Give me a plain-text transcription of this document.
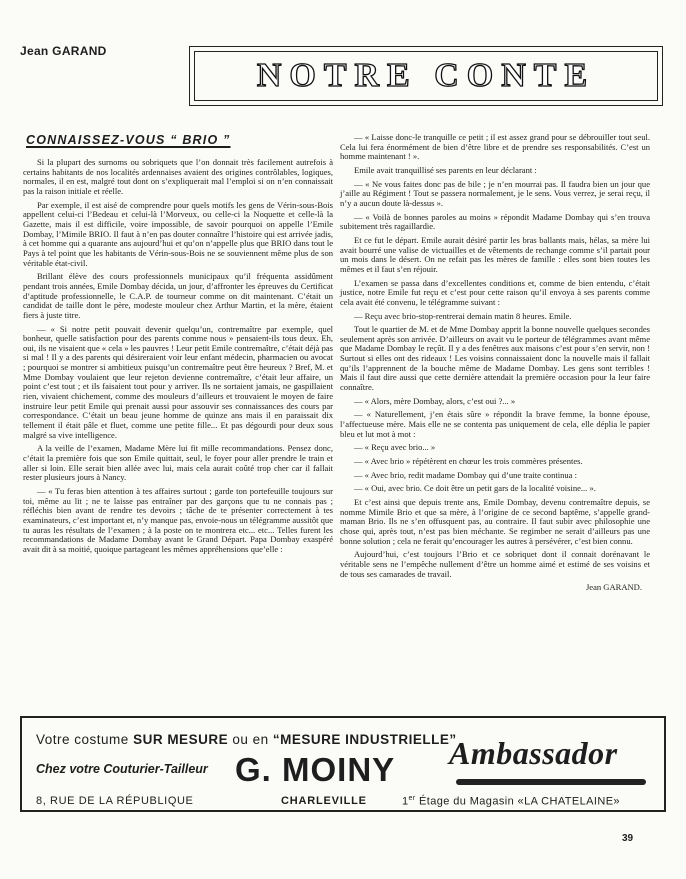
Jean GARAND
NOTRE CONTE
CONNAISSEZ-VOUS “ BRIO ”

Si la plupart des surnoms ou sobriquets que l’on donnait très facilement autrefois à certains habitants de nos localités ardennaises avaient des origines contrôlables, logiques, normales, il en est, malgré tout dont on s’expliquerait mal l’emploi si on n’en connaissait pas la raison initiale et réelle.

Par exemple, il est aisé de comprendre pour quels motifs les gens de Vérin-sous-Bois appellent celui-ci l’Bedeau et celui-là l’Morveux, ou celle-ci la Noquette et celle-là la Gazette, mais il est difficile, voire impossible, de savoir pourquoi on appelle l’Emile Dombay, l’Mimile BRIO. Il faut à n’en pas douter connaître l’histoire qui est arrivée jadis, à cet homme qui a quarante ans aujourd’hui et qu’on n’appelle plus que BRIO dans tout le Pays à tel point que les habitants de Vérin-sous-Bois ne se souviennent même plus de son véritable état-civil.

Brillant élève des cours professionnels municipaux qu’il fréquenta assidûment pendant trois années, Emile Dombay décida, un jour, d’affronter les épreuves du Certificat d’aptitude professionnelle, le C.A.P. de tourneur comme on dit maintenant. C’était un candidat de taille dont le père, modeste mouleur chez Arthur Martin, et la mère, étaient fiers à juste titre.

— « Si notre petit pouvait devenir quelqu’un, contremaître par exemple, quel bonheur, quelle satisfaction pour des parents comme nous » pensaient-ils tous deux. Eh, oui, ils ne visaient que « cela » les pauvres ! Leur petit Emile contremaître, c’était déjà pas si mal ! Il y a des parents qui désireraient voir leur enfant médecin, pharmacien ou avocat ; pourquoi se montrer si ambitieux puisqu’un contremaître peut être heureux ? Bref, M. et Mme Dombay voulaient que leur rejeton devienne contremaître, c’était leur affaire, un point c’est tout ; et ils faisaient tout pour y arriver. Ils ne sortaient jamais, ne gaspillaient rien, vivaient chichement, comme des mouleurs d’ailleurs et trouvaient le moyen de faire instruire leur petit Emile qui prenait aussi pour assouvir ses connaissances des cours par correspondance. C’était un beau jeune homme de quinze ans mais il en paraissait dix tellement il était pâle et fluet, comme une petite fille... Et pas dégourdi pour deux sous malgré sa vive intelligence.

A la veille de l’examen, Madame Mère lui fit mille recommandations. Pensez donc, c’était la première fois que son Emile quittait, seul, le foyer pour aller prendre le train et aller si loin. Elle serait bien allée avec lui, mais cela aurait coûté trop cher car il fallait rester plusieurs jours à Nancy.

— « Tu feras bien attention à tes affaires surtout ; garde ton portefeuille toujours sur toi, même au lit ; ne te laisse pas entraîner par des garçons que tu ne connais pas ; réfléchis bien avant de rendre tes devoirs ; tâche de te présenter correctement à tes examinateurs, c’est important et, n’y manque pas, envoie-nous un télégramme aussitôt que tu auras les résultats de l’examen ; à la poste on te montrera etc... etc... Telles furent les recommandations de Madame Dombay avant le Grand Départ. Papa Dombay exaspéré avait dit à sa moitié, quoique partageant les mêmes appréhensions que’elle :

— « Laisse donc-le tranquille ce petit ; il est assez grand pour se débrouiller tout seul. Cela lui fera énormément de bien d’être libre et de prendre ses responsabilités. C’est un homme maintenant ! ».

Emile avait tranquillisé ses parents en leur déclarant :

— « Ne vous faites donc pas de bile ; je n’en mourrai pas. Il faudra bien un jour que j’aille au Régiment ! Tout se passera normalement, je le sens. Vous verrez, je serai reçu, il n’y a aucun doute là-dessus ».

— « Voilà de bonnes paroles au moins » répondit Madame Dombay qui s’en trouva subitement très ragaillardie.

Et ce fut le départ. Emile aurait désiré partir les bras ballants mais, hélas, sa mère lui avait bourré une valise de victuailles et de vêtements de rechange comme s’il partait pour un mois dans le désert. On ne refait pas les mères de famille : elles sont bien toutes les mêmes et il faut s’en réjouir.

L’examen se passa dans d’excellentes conditions et, comme de bien entendu, c’était justice, notre Emile fut reçu et c’est pour cette raison qu’il envoya à ses parents comme cela avait été convenu, le télégramme suivant :

— Reçu avec brio-stop-rentrerai demain matin 8 heures. Emile.

Tout le quartier de M. et de Mme Dombay apprit la bonne nouvelle quelques secondes seulement après son arrivée. D’ailleurs on avait vu le porteur de télégrammes avant même que Madame Dombay le reçût. Il y a des fenêtres aux maisons c’est pour s’en servir, non ! Surtout si elles ont des rideaux ! Les voisins connaissaient donc la nouvelle mais il fallait qu’ils l’apprennent de la bouche même de Madame Dombay. Les gens sont terribles ! Mais il faut dire aussi que cette dernière attendait la première occasion pour la leur faire connaître.

— « Alors, mère Dombay, alors, c’est oui ?... »

— « Naturellement, j’en étais sûre » répondit la brave femme, la bonne épouse, l’affectueuse mère. Mais elle ne se contenta pas uniquement de cela, elle déplia le papier bleu et lut mot à mot :

— « Reçu avec brio... »

— « Avec brio » répétèrent en chœur les trois commères présentes.

— « Avec brio, redit madame Dombay qui d’une traite continua :

— « Oui, avec brio. Ce doit être un petit gars de la localité voisine... ».

Et c’est ainsi que depuis trente ans, Emile Dombay, devenu contremaître depuis, se nomme Mimile Brio et que sa mère, à l’origine de ce second baptême, s’appelle grand-maman Brio. Ils ne s’en offusquent pas, au contraire. Il faut subir avec philosophie une chose qui, après tout, n’est pas bien méchante. Se regimber ne serait d’ailleurs pas une bonne solution ; cela ne ferait qu’encourager les autres à persévérer, c’est bien connu.

Aujourd’hui, c’est toujours l’Brio et ce sobriquet dont il connait dorénavant le véritable sens ne l’empêche nullement d’être un homme aimé et estimé de ses voisins et de tous ses camarades de travail.

Jean GARAND.
Votre costume SUR MESURE ou en “MESURE INDUSTRIELLE”
Chez votre Couturier-Tailleur G. MOINY Ambassador
8, RUE DE LA RÉPUBLIQUE	CHARLEVILLE	1er Étage du Magasin «LA CHATELAINE»
39
